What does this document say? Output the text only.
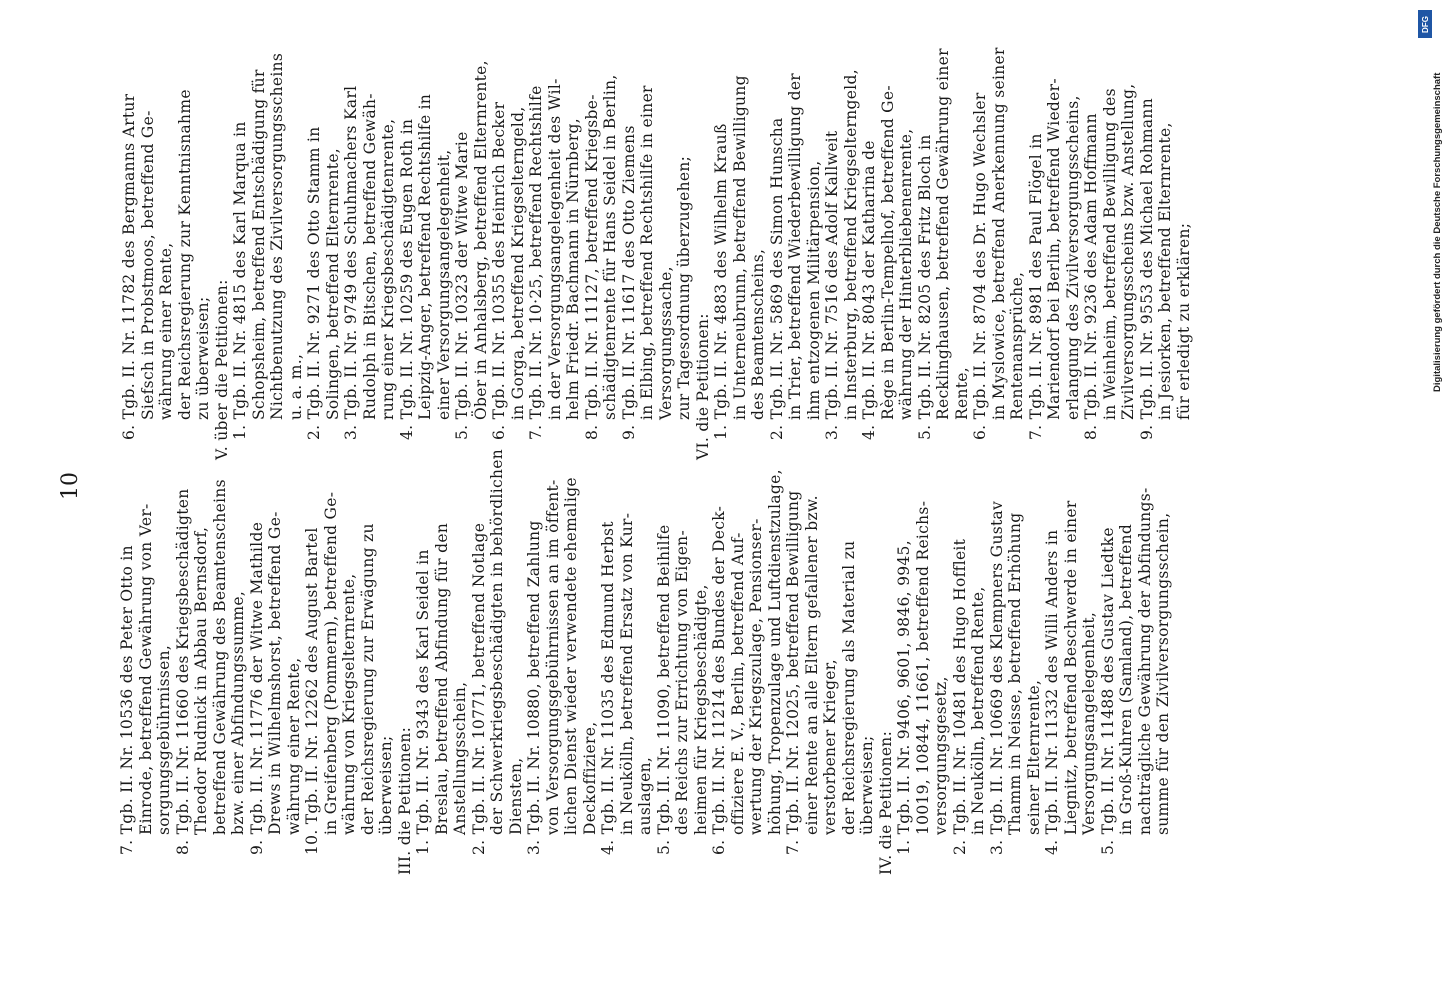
10
Digitalisierung gefördert durch die Deutsche Forschungsgemeinschaft
DFG
7. Tgb. II. Nr. 10536 des Peter Otto in Einrode, betreffend Gewährung von Ver- sorgungsgebührnissen, 8. Tgb. II. Nr. 11660 des Kriegsbeschädigten Theodor Rudnick in Abbau Bernsdorf, betreffend Gewährung des Beamtenscheins bzw. einer Abfindungssumme, 9. Tgb. II. Nr. 11776 der Witwe Mathilde Drews in Wilhelmshorst, betreffend Ge- währung einer Rente, 10. Tgb. II. Nr. 12262 des August Bartel in Greifenberg (Pommern), betreffend Ge- währung von Kriegselternrente, der Reichsregierung zur Erwägung zu überweisen; III. die Petitionen: 1. Tgb. II. Nr. 9343 des Karl Seidel in Breslau, betreffend Abfindung für den Anstellungsschein, 2. Tgb. II. Nr. 10771, betreffend Notlage der Schwerkriegsbeschädigten in behördlichen Diensten, 3. Tgb. II. Nr. 10880, betreffend Zahlung von Versorgungsgebührnissen an im öffent- lichen Dienst wieder verwendete ehemalige Deckoffiziere, 4. Tgb. II. Nr. 11035 des Edmund Herbst in Neukölln, betreffend Ersatz von Kur- auslagen, 5. Tgb. II. Nr. 11090, betreffend Beihilfe des Reichs zur Errichtung von Eigen- heimen für Kriegsbeschädigte, 6. Tgb. II. Nr. 11214 des Bundes der Deck- offiziere E. V., Berlin, betreffend Auf- wertung der Kriegszulage, Pensionser- höhung, Tropenzulage und Luftdienstzulage, 7. Tgb. II. Nr. 12025, betreffend Bewilligung einer Rente an alle Eltern gefallener bzw. verstorbener Krieger, der Reichsregierung als Material zu überweisen; IV. die Petitionen: 1. Tgb. II. Nr. 9406, 9601, 9846, 9945, 10019, 10844, 11661, betreffend Reichs- versorgungsgesetz, 2. Tgb. II. Nr. 10481 des Hugo Hoffleit in Neukölln, betreffend Rente, 3. Tgb. II. Nr. 10669 des Klempners Gustav Thamm in Neisse, betreffend Erhöhung seiner Elternrente, 4. Tgb. II. Nr. 11332 des Willi Anders in Liegnitz, betreffend Beschwerde in einer Versorgungsangelegenheit, 5. Tgb. II. Nr. 11488 des Gustav Liedtke in Groß-Kuhren (Samland), betreffend nachträgliche Gewährung der Abfindungs- summe für den Zivilversorgungsschein,
6. Tgb. II. Nr. 11782 des Bergmanns Artur Siefsch in Probstmoos, betreffend Ge- währung einer Rente, der Reichsregierung zur Kenntnisnahme zu überweisen; V. über die Petitionen: 1. Tgb. II. Nr. 4815 des Karl Marqua in Schopsheim, betreffend Entschädigung für Nichtbenutzung des Zivilversorgungsscheins u. a. m., 2. Tgb. II. Nr. 9271 des Otto Stamm in Solingen, betreffend Elternrente, 3. Tgb. II. Nr. 9749 des Schuhmachers Karl Rudolph in Bitschen, betreffend Gewäh- rung einer Kriegsbeschädigtenrente, 4. Tgb. II. Nr. 10259 des Eugen Roth in Leipzig-Anger, betreffend Rechtshilfe in einer Versorgungsangelegenheit, 5. Tgb. II. Nr. 10323 der Witwe Marie Öber in Anhalsberg, betreffend Elternrente, 6. Tgb. II. Nr. 10355 des Heinrich Becker in Gorga, betreffend Kriegselterngeld, 7. Tgb. II. Nr. 10·25, betreffend Rechtshilfe in der Versorgungsangelegenheit des Wil- helm Friedr. Bachmann in Nürnberg, 8. Tgb. II. Nr. 11127, betreffend Kriegsbe- schädigtenrente für Hans Seidel in Berlin, 9. Tgb. II. Nr. 11617 des Otto Ziemens in Elbing, betreffend Rechtshilfe in einer Versorgungssache, zur Tagesordnung überzugehen; VI. die Petitionen: 1. Tgb. II. Nr. 4883 des Wilhelm Krauß in Unterneubrunn, betreffend Bewilligung des Beamtenscheins, 2. Tgb. II. Nr. 5869 des Simon Hunscha in Trier, betreffend Wiederbewilligung der ihm entzogenen Militärpension, 3. Tgb. II. Nr. 7516 des Adolf Kallweit in Insterburg, betreffend Kriegselterngeld, 4. Tgb. II. Nr. 8043 der Katharina de Rège in Berlin-Tempelhof, betreffend Ge- währung der Hinterbliebenenrente, 5. Tgb. II. Nr. 8205 des Fritz Bloch in Recklinghausen, betreffend Gewährung einer Rente, 6. Tgb. II. Nr. 8704 des Dr. Hugo Wechsler in Myslowice, betreffend Anerkennung seiner Rentenansprüche, 7. Tgb. II. Nr. 8981 des Paul Flögel in Mariendorf bei Berlin, betreffend Wieder- erlangung des Zivilversorgungsscheins, 8. Tgb. II. Nr. 9236 des Adam Hoffmann in Weinheim, betreffend Bewilligung des Zivilversorgungsscheins bzw. Anstellung, 9. Tgb. II. Nr. 9553 des Michael Rohmann in Jesiorken, betreffend Elternrente, für erledigt zu erklären;
